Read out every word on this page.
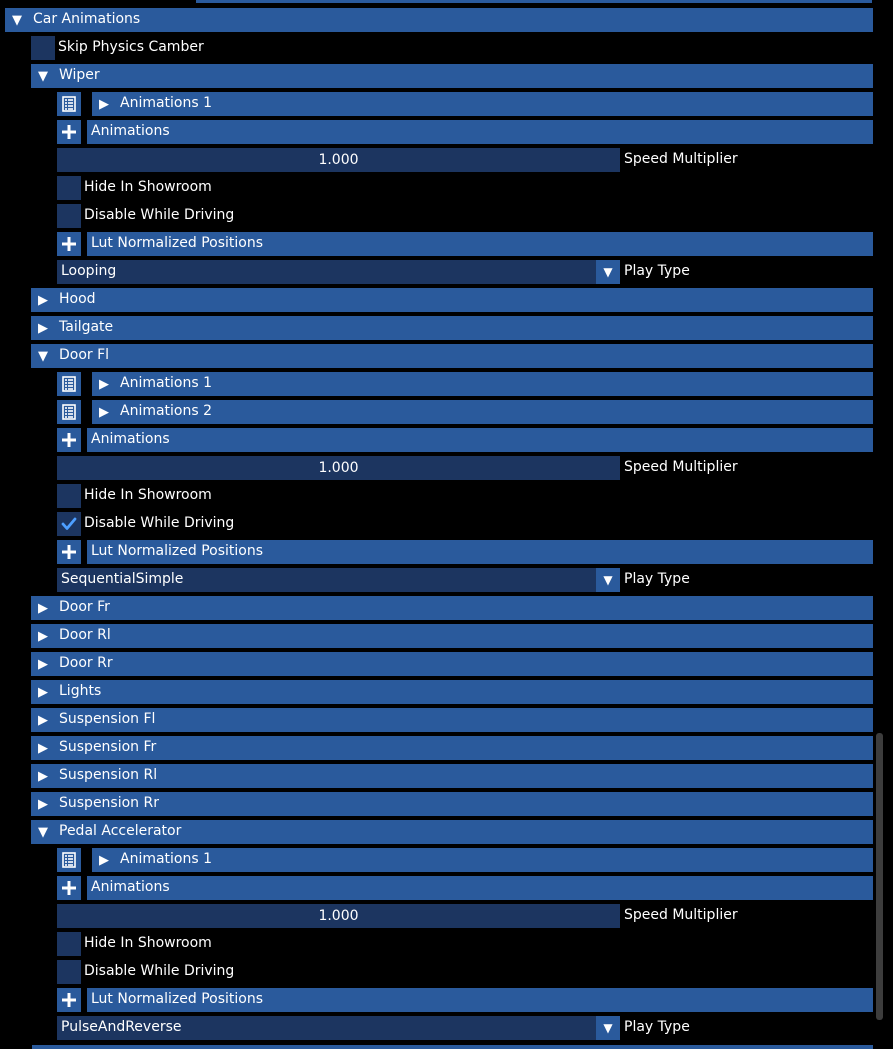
▼ Car Animations
Skip Physics Camber
▼ Wiper
▶ Animations 1
Animations
1.000	Speed Multiplier
Hide In Showroom
Disable While Driving
Lut Normalized Positions
Looping	▼ Play Type
▶ Hood
▶ Tailgate
▼ Door Fl
▶ Animations 1
▶ Animations 2
Animations
1.000	Speed Multiplier
Hide In Showroom
Disable While Driving
Lut Normalized Positions
SequentialSimple	▼ Play Type
▶ Door Fr
▶ Door Rl
▶ Door Rr
▶ Lights
▶ Suspension Fl
▶ Suspension Fr
▶ Suspension Rl
▶ Suspension Rr
▼ Pedal Accelerator
▶ Animations 1
Animations
1.000	Speed Multiplier
Hide In Showroom
Disable While Driving
Lut Normalized Positions
PulseAndReverse	▼ Play Type
